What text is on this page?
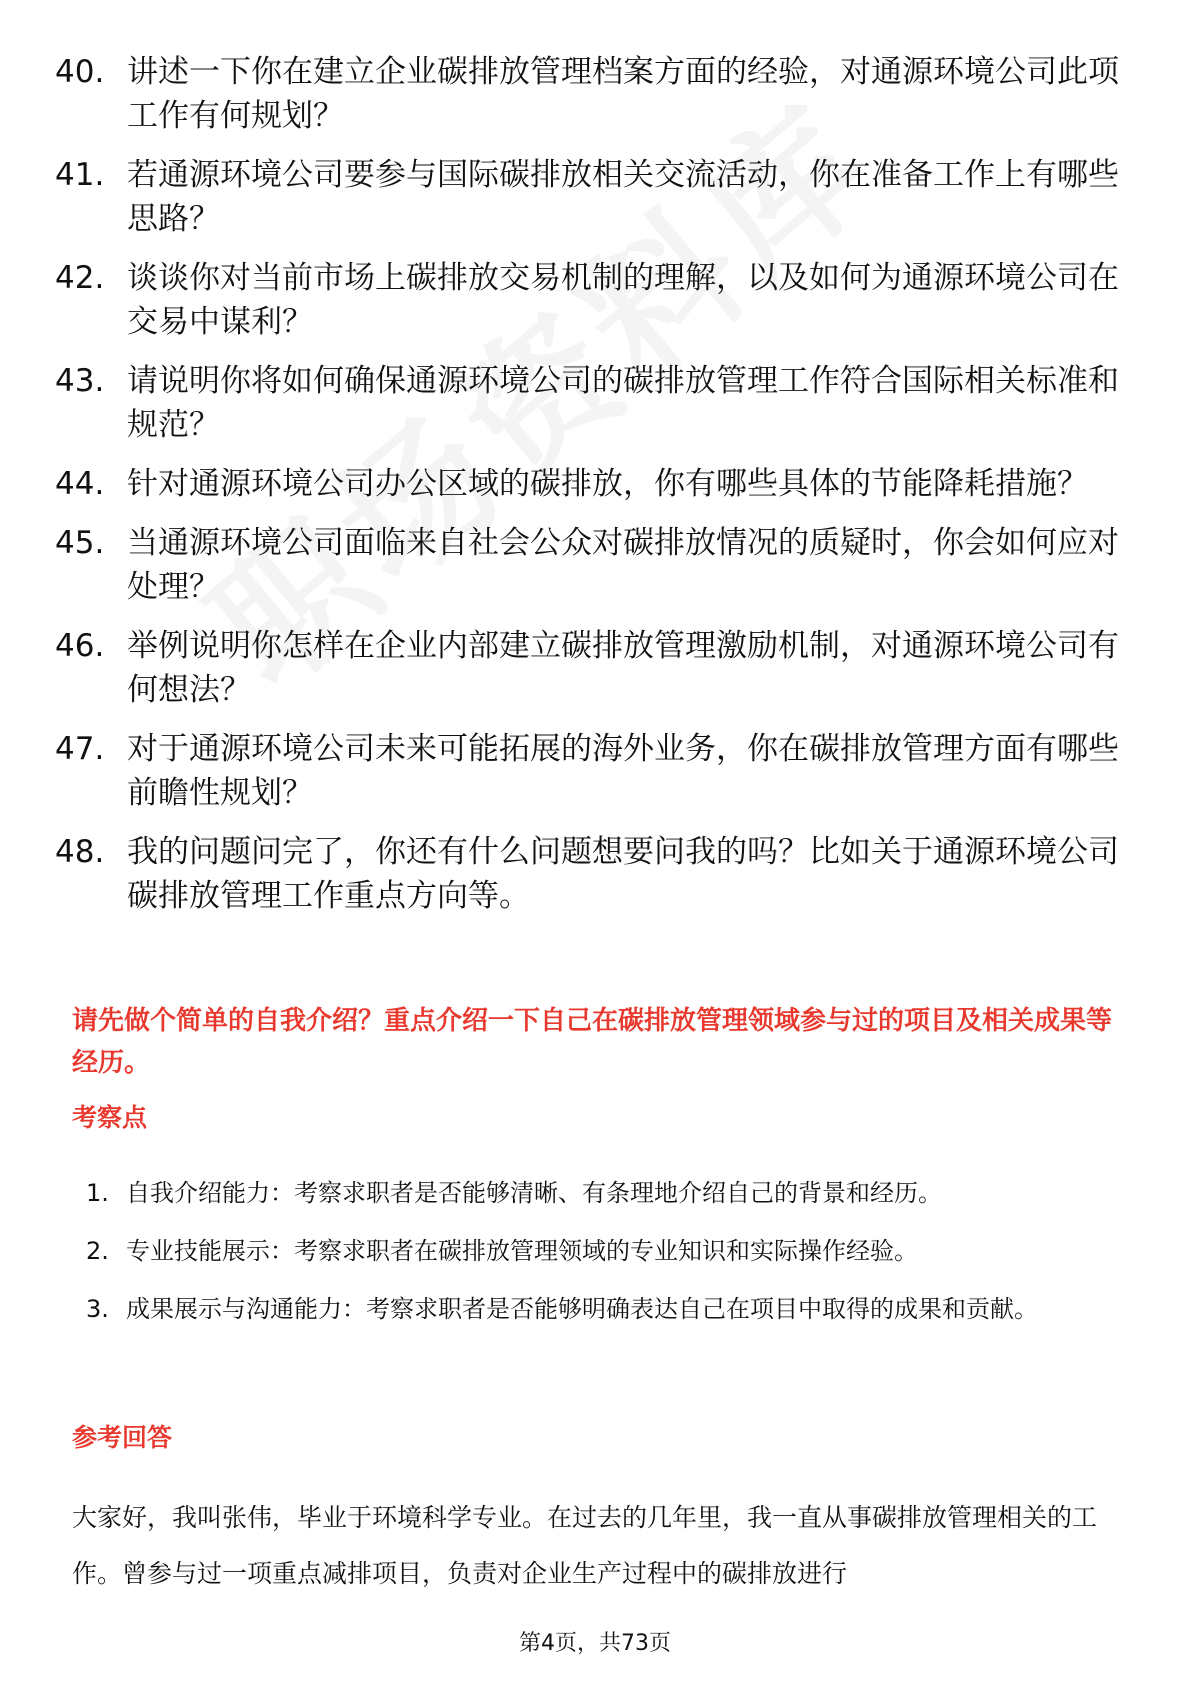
40. 讲述一下你在建立企业碳排放管理档案方面的经验，对通源环境公司此项工作有何规划？
41. 若通源环境公司要参与国际碳排放相关交流活动，你在准备工作上有哪些思路？
42. 谈谈你对当前市场上碳排放交易机制的理解，以及如何为通源环境公司在交易中谋利？
43. 请说明你将如何确保通源环境公司的碳排放管理工作符合国际相关标准和规范？
44. 针对通源环境公司办公区域的碳排放，你有哪些具体的节能降耗措施？
45. 当通源环境公司面临来自社会公众对碳排放情况的质疑时，你会如何应对处理？
46. 举例说明你怎样在企业内部建立碳排放管理激励机制，对通源环境公司有何想法？
47. 对于通源环境公司未来可能拓展的海外业务，你在碳排放管理方面有哪些前瞻性规划？
48. 我的问题问完了，你还有什么问题想要问我的吗？比如关于通源环境公司碳排放管理工作重点方向等。
请先做个简单的自我介绍？重点介绍一下自己在碳排放管理领域参与过的项目及相关成果等经历。
考察点
1. 自我介绍能力：考察求职者是否能够清晰、有条理地介绍自己的背景和经历。
2. 专业技能展示：考察求职者在碳排放管理领域的专业知识和实际操作经验。
3. 成果展示与沟通能力：考察求职者是否能够明确表达自己在项目中取得的成果和贡献。
参考回答
大家好，我叫张伟，毕业于环境科学专业。在过去的几年里，我一直从事碳排放管理相关的工作。曾参与过一项重点减排项目，负责对企业生产过程中的碳排放进行
第4页，共73页
